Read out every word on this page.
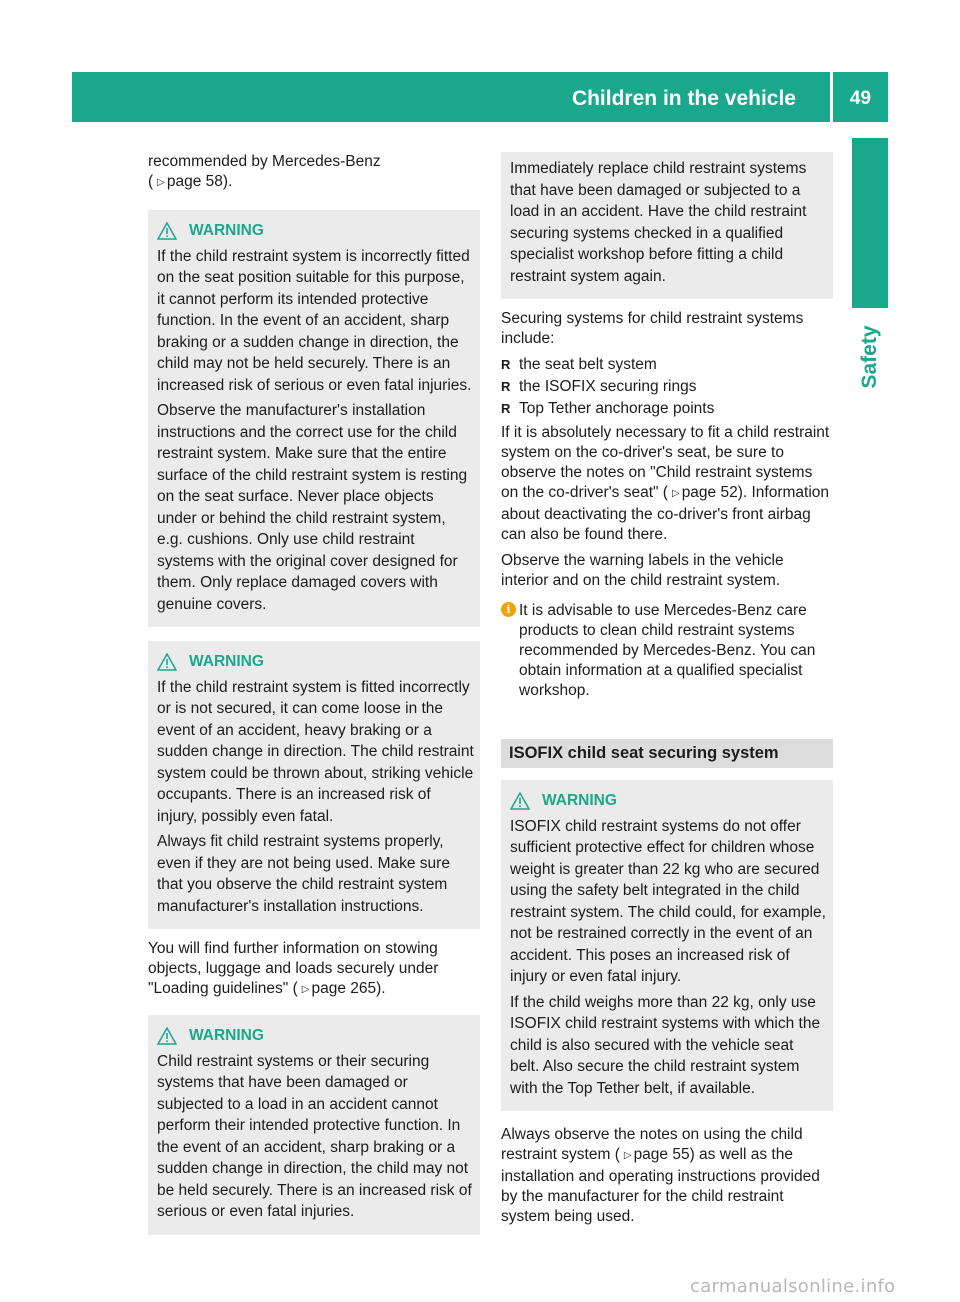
Children in the vehicle	49
Safety

recommended by Mercedes-Benz
( ▷ page 58).

WARNING

If the child restraint system is incorrectly fitted on the seat position suitable for this purpose, it cannot perform its intended protective function. In the event of an accident, sharp braking or a sudden change in direction, the child may not be held securely. There is an increased risk of serious or even fatal injuries.

Observe the manufacturer's installation instructions and the correct use for the child restraint system. Make sure that the entire surface of the child restraint system is resting on the seat surface. Never place objects under or behind the child restraint system, e.g. cushions. Only use child restraint systems with the original cover designed for them. Only replace damaged covers with genuine covers.

WARNING

If the child restraint system is fitted incorrectly or is not secured, it can come loose in the event of an accident, heavy braking or a sudden change in direction. The child restraint system could be thrown about, striking vehicle occupants. There is an increased risk of injury, possibly even fatal.

Always fit child restraint systems properly, even if they are not being used. Make sure that you observe the child restraint system manufacturer's installation instructions.

You will find further information on stowing objects, luggage and loads securely under "Loading guidelines" ( ▷ page 265).

WARNING

Child restraint systems or their securing systems that have been damaged or subjected to a load in an accident cannot perform their intended protective function. In the event of an accident, sharp braking or a sudden change in direction, the child may not be held securely. There is an increased risk of serious or even fatal injuries.

Immediately replace child restraint systems that have been damaged or subjected to a load in an accident. Have the child restraint securing systems checked in a qualified specialist workshop before fitting a child restraint system again.

Securing systems for child restraint systems include:

R the seat belt system
R the ISOFIX securing rings
R Top Tether anchorage points

If it is absolutely necessary to fit a child restraint system on the co-driver's seat, be sure to observe the notes on "Child restraint systems on the co-driver's seat" ( ▷ page 52). Information about deactivating the co-driver's front airbag can also be found there.

Observe the warning labels in the vehicle interior and on the child restraint system.

i It is advisable to use Mercedes-Benz care products to clean child restraint systems recommended by Mercedes-Benz. You can obtain information at a qualified specialist workshop.

ISOFIX child seat securing system
WARNING

ISOFIX child restraint systems do not offer sufficient protective effect for children whose weight is greater than 22 kg who are secured using the safety belt integrated in the child restraint system. The child could, for example, not be restrained correctly in the event of an accident. This poses an increased risk of injury or even fatal injury.

If the child weighs more than 22 kg, only use ISOFIX child restraint systems with which the child is also secured with the vehicle seat belt. Also secure the child restraint system with the Top Tether belt, if available.

Always observe the notes on using the child restraint system ( ▷ page 55) as well as the installation and operating instructions provided by the manufacturer for the child restraint system being used.

carmanualsonline.info
